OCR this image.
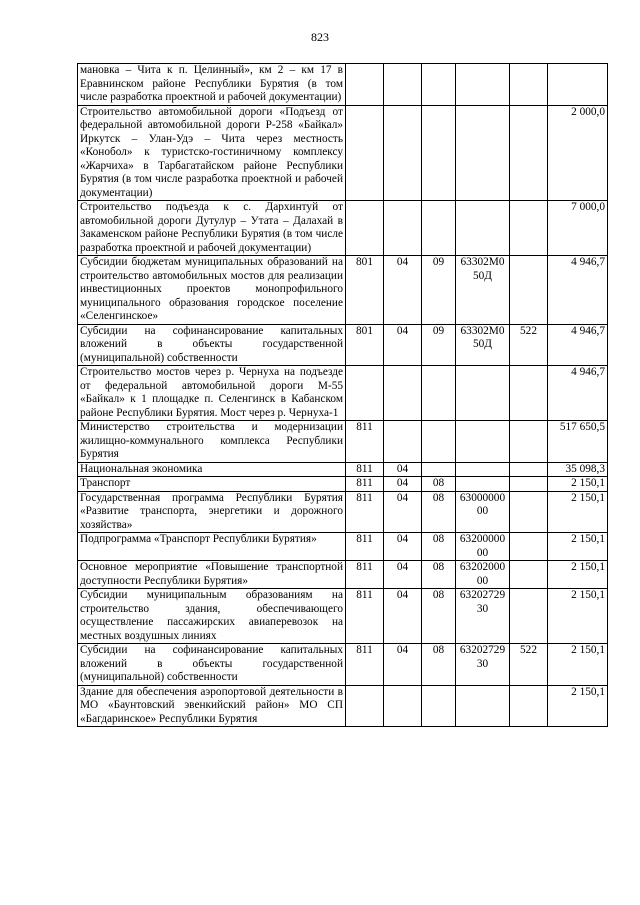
823
мановка – Чита к п. Целинный», км 2 – км 17 в Еравнинском районе Республики Бурятия (в том числе разработка проектной и рабочей документации)						
Строительство автомобильной дороги «Подъезд от федеральной автомобильной дороги Р-258 «Байкал» Иркутск – Улан-Удэ – Чита через местность «Конобол» к туристско-гостиничному комплексу «Жарчиха» в Тарбагатайском районе Республики Бурятия (в том числе разработка проектной и рабочей документации)						2 000,0
Строительство подъезда к с. Дархинтуй от автомобильной дороги Дутулур – Утата – Далахай в Закаменском районе Республики Бурятия (в том числе разработка проектной и рабочей документации)						7 000,0
Субсидии бюджетам муниципальных образований на строительство автомобильных мостов для реализации инвестиционных проектов монопрофильного муниципального образования городское поселение «Селенгинское»	801	04	09	63302M050Д		4 946,7
Субсидии на софинансирование капитальных вложений в объекты государственной (муниципальной) собственности	801	04	09	63302M050Д	522	4 946,7
Строительство мостов через р. Чернуха на подъезде от федеральной автомобильной дороги М-55 «Байкал» к 1 площадке п. Селенгинск в Кабанском районе Республики Бурятия. Мост через р. Чернуха-1						4 946,7
Министерство строительства и модернизации жилищно-коммунального комплекса Республики Бурятия	811					517 650,5
Национальная экономика	811	04				35 098,3
Транспорт	811	04	08			2 150,1
Государственная программа Республики Бурятия «Развитие транспорта, энергетики и дорожного хозяйства»	811	04	08	6300000000		2 150,1
Подпрограмма «Транспорт Республики Бурятия»	811	04	08	6320000000		2 150,1
Основное мероприятие «Повышение транспортной доступности Республики Бурятия»	811	04	08	6320200000		2 150,1
Субсидии муниципальным образованиям на строительство здания, обеспечивающего осуществление пассажирских авиаперевозок на местных воздушных линиях	811	04	08	6320272930		2 150,1
Субсидии на софинансирование капитальных вложений в объекты государственной (муниципальной) собственности	811	04	08	6320272930	522	2 150,1
Здание для обеспечения аэропортовой деятельности в МО «Баунтовский эвенкийский район» МО СП «Багдаринское» Республики Бурятия						2 150,1
